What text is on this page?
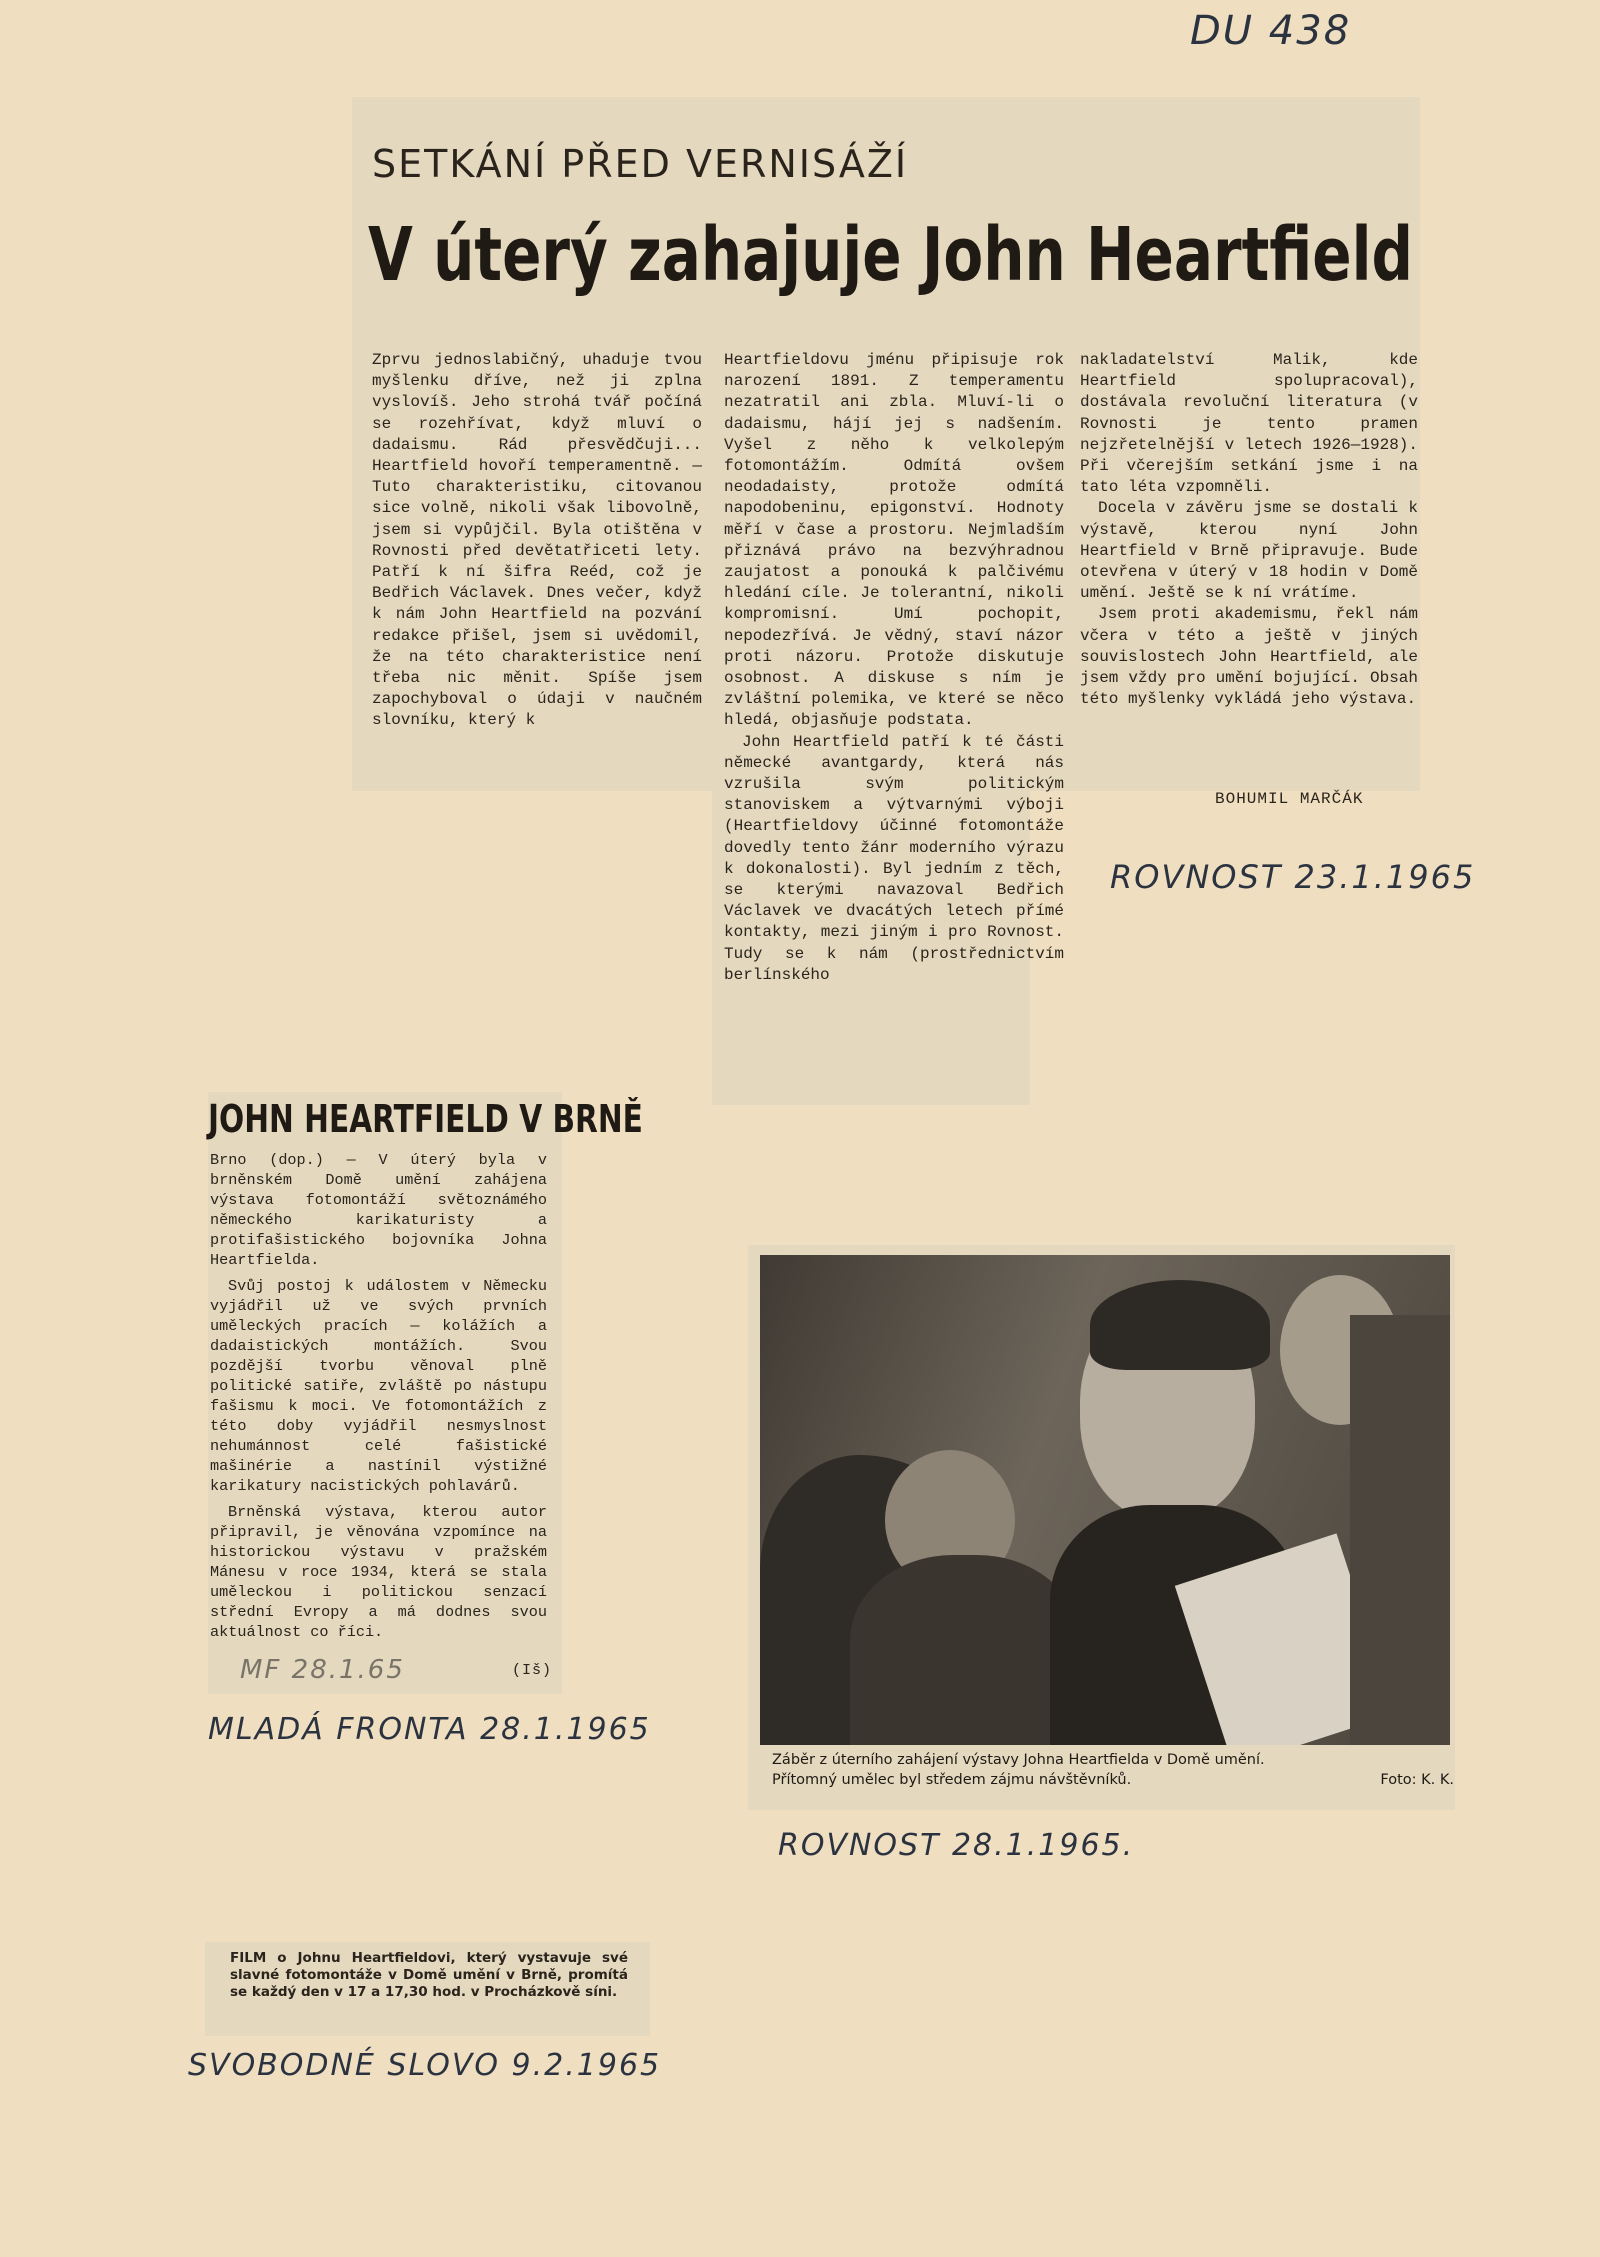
DU 438
SETKÁNÍ PŘED VERNISÁŽÍ
V úterý zahajuje John Heartfield

Zprvu jednoslabičný, uhaduje tvou myšlenku dříve, než ji zplna vyslovíš. Jeho strohá tvář počíná se rozehřívat, když mluví o dadaismu. Rád přesvědčuji... Heartfield hovoří temperamentně. — Tuto charakteristiku, citovanou sice volně, nikoli však libovolně, jsem si vypůjčil. Byla otištěna v Rovnosti před devětatřiceti lety. Patří k ní šifra Reéd, což je Bedřich Václavek. Dnes večer, když k nám John Heartfield na pozvání redakce přišel, jsem si uvědomil, že na této charakteristice není třeba nic měnit. Spíše jsem zapochyboval o údaji v naučném slovníku, který k

Heartfieldovu jménu připisuje rok narození 1891. Z temperamentu nezatratil ani zbla. Mluví-li o dadaismu, hájí jej s nadšením. Vyšel z něho k velkolepým fotomontážím. Odmítá ovšem neodadaisty, protože odmítá napodobeninu, epigonství. Hodnoty měří v čase a prostoru. Nejmladším přiznává právo na bezvýhradnou zaujatost a ponouká k palčivému hledání cíle. Je tolerantní, nikoli kompromisní. Umí pochopit, nepodezřívá. Je vědný, staví názor proti názoru. Protože diskutuje osobnost. A diskuse s ním je zvláštní polemika, ve které se něco hledá, objasňuje podstata.

John Heartfield patří k té části německé avantgardy, která nás vzrušila svým politickým stanoviskem a výtvarnými výboji (Heartfieldovy účinné fotomontáže dovedly tento žánr moderního výrazu k dokonalosti). Byl jedním z těch, se kterými navazoval Bedřich Václavek ve dvacátých letech přímé kontakty, mezi jiným i pro Rovnost. Tudy se k nám (prostřednictvím berlínského

nakladatelství Malik, kde Heartfield spolupracoval), dostávala revoluční literatura (v Rovnosti je tento pramen nejzřetelnější v letech 1926—1928). Při včerejším setkání jsme i na tato léta vzpomněli.

Docela v závěru jsme se dostali k výstavě, kterou nyní John Heartfield v Brně připravuje. Bude otevřena v úterý v 18 hodin v Domě umění. Ještě se k ní vrátíme.

Jsem proti akademismu, řekl nám včera v této a ještě v jiných souvislostech John Heartfield, ale jsem vždy pro umění bojující. Obsah této myšlenky vykládá jeho výstava.

BOHUMIL MARČÁK
ROVNOST 23.1.1965
JOHN HEARTFIELD V BRNĚ

Brno (dop.) — V úterý byla v brněnském Domě umění zahájena výstava fotomontáží světoznámého německého karikaturisty a protifašistického bojovníka Johna Heartfielda.

Svůj postoj k událostem v Německu vyjádřil už ve svých prvních uměleckých pracích — kolážích a dadaistických montážích. Svou pozdější tvorbu věnoval plně politické satiře, zvláště po nástupu fašismu k moci. Ve fotomontážích z této doby vyjádřil nesmyslnost nehumánnost celé fašistické mašinérie a nastínil výstižné karikatury nacistických pohlavárů.

Brněnská výstava, kterou autor připravil, je věnována vzpomínce na historickou výstavu v pražském Mánesu v roce 1934, která se stala uměleckou i politickou senzací střední Evropy a má dodnes svou aktuálnost co říci.

(Iš)
MF 28.1.65
MLADÁ FRONTA 28.1.1965
Záběr z úterního zahájení výstavy Johna Heartfielda v Domě umění.
Přítomný umělec byl středem zájmu návštěvníků.	Foto: K. K.
ROVNOST 28.1.1965.

FILM o Johnu Heartfieldovi, který vystavuje své slavné fotomontáže v Domě umění v Brně, promítá se každý den v 17 a 17,30 hod. v Procházkově síni.

SVOBODNÉ SLOVO 9.2.1965
